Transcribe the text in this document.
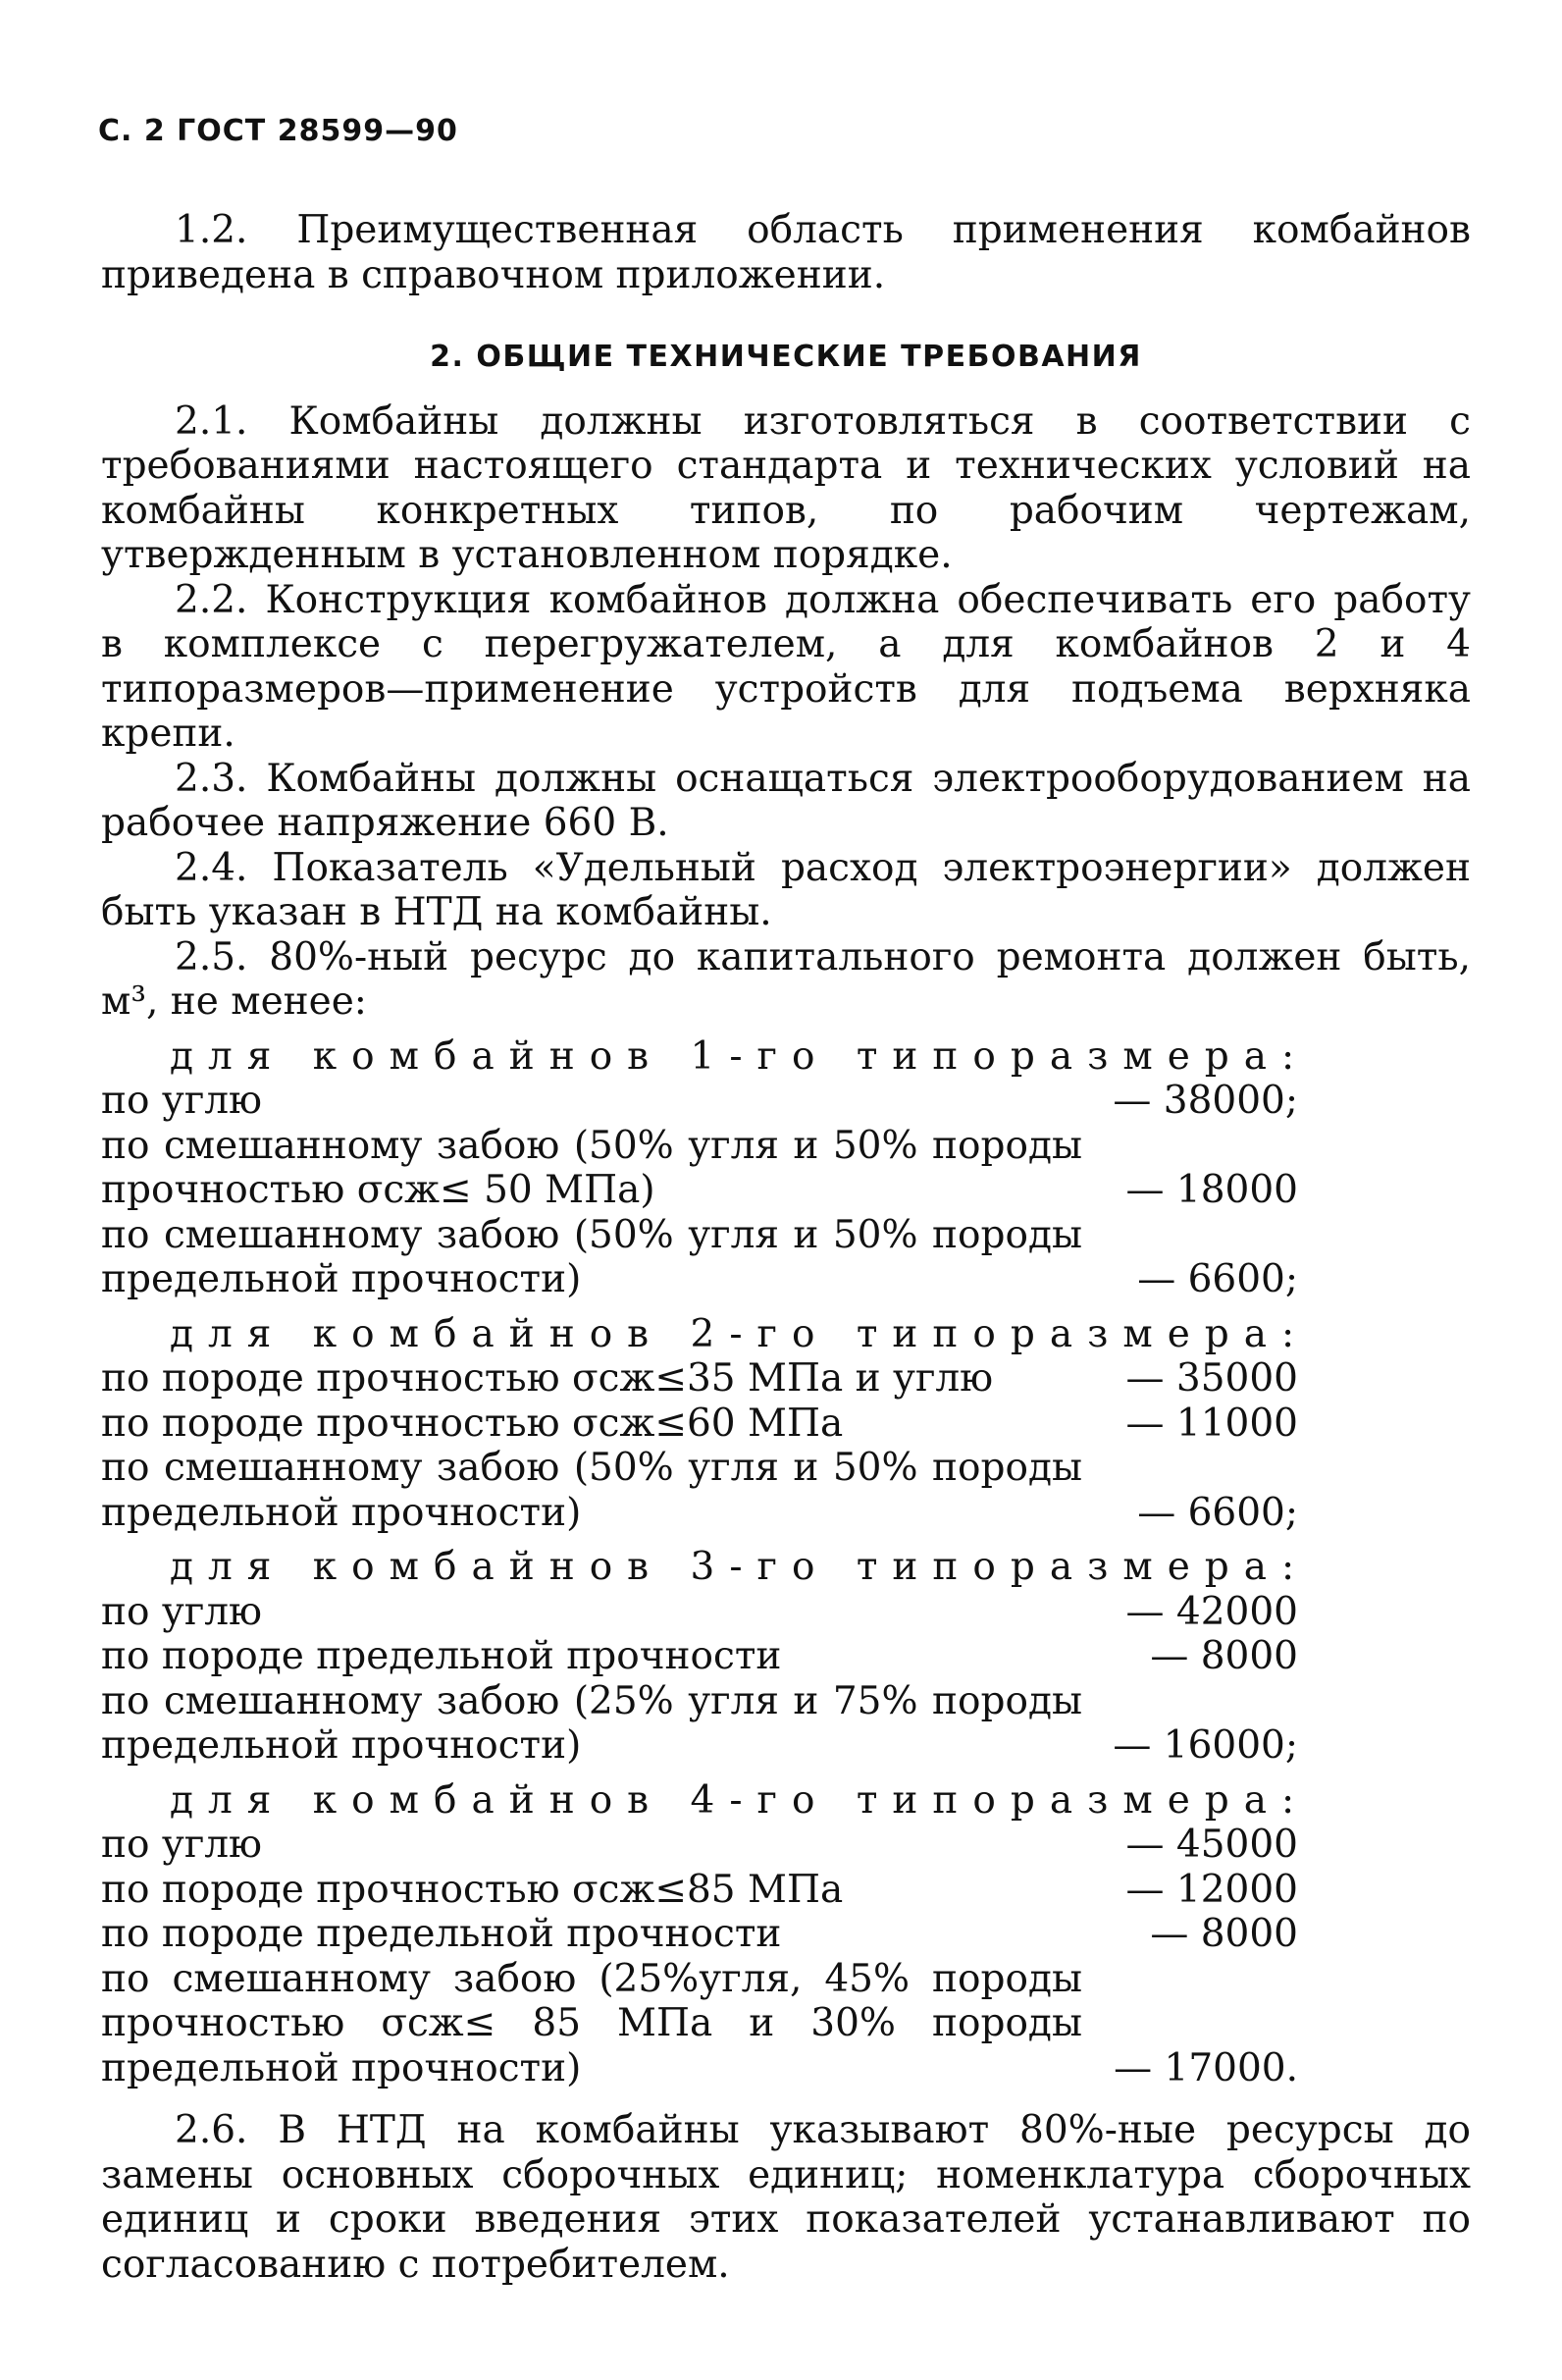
С. 2 ГОСТ 28599—90

1.2. Преимущественная область применения комбайнов приведена в справочном приложении.

2. ОБЩИЕ ТЕХНИЧЕСКИЕ ТРЕБОВАНИЯ

2.1. Комбайны должны изготовляться в соответствии с требованиями настоящего стандарта и технических условий на комбайны конкретных типов, по рабочим чертежам, утвержденным в установленном порядке.

2.2. Конструкция комбайнов должна обеспечивать его работу в комплексе с перегружателем, а для комбайнов 2 и 4 типоразмеров—применение устройств для подъема верхняка крепи.

2.3. Комбайны должны оснащаться электрооборудованием на рабочее напряжение 660 В.

2.4. Показатель «Удельный расход электроэнергии» должен быть указан в НТД на комбайны.

2.5. 80%-ный ресурс до капитального ремонта должен быть, м³, не менее:

для комбайнов 1-го типоразмера:
по углю	— 38000;
по смешанному забою (50% угля и 50% породы прочностью σсж≤ 50 МПа)	— 18000
по смешанному забою (50% угля и 50% породы предельной прочности)	— 6600;
для комбайнов 2-го типоразмера:
по породе прочностью σсж≤35 МПа и углю	— 35000
по породе прочностью σсж≤60 МПа	— 11000
по смешанному забою (50% угля и 50% породы предельной прочности)	— 6600;
для комбайнов 3-го типоразмера:
по углю	— 42000
по породе предельной прочности	— 8000
по смешанному забою (25% угля и 75% породы предельной прочности)	— 16000;
для комбайнов 4-го типоразмера:
по углю	— 45000
по породе прочностью σсж≤85 МПа	— 12000
по породе предельной прочности	— 8000
по смешанному забою (25%угля, 45% породы прочностью σсж≤ 85 МПа и 30% породы предельной прочности)	— 17000.

2.6. В НТД на комбайны указывают 80%-ные ресурсы до замены основных сборочных единиц; номенклатура сборочных единиц и сроки введения этих показателей устанавливают по согласованию с потребителем.
